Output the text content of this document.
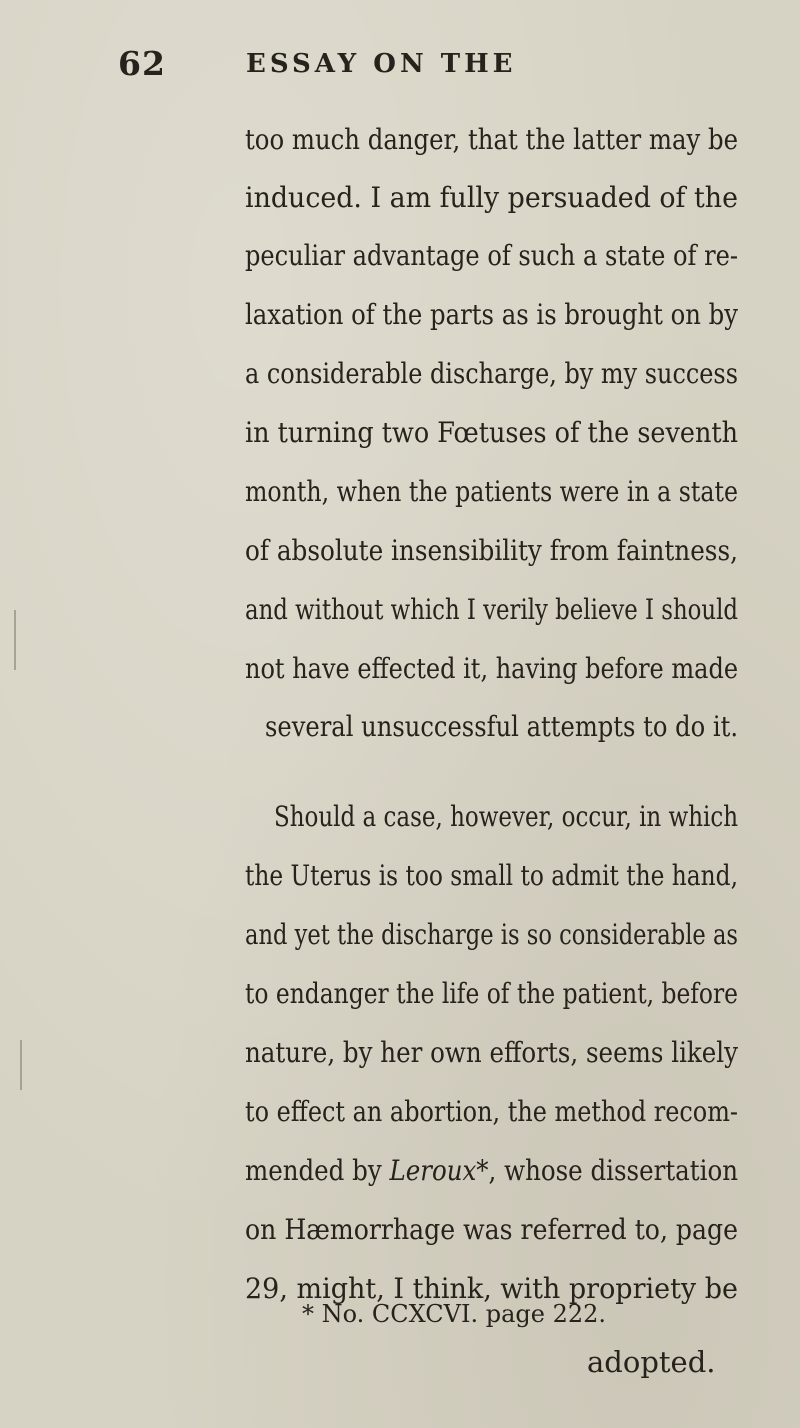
62	ESSAY ON THE
too much danger, that the latter may be
induced. I am fully persuaded of the
peculiar advantage of such a state of re-
laxation of the parts as is brought on by
a considerable discharge, by my success
in turning two Fœtuses of the seventh
month, when the patients were in a state
of absolute insensibility from faintness,
and without which I verily believe I should
not have effected it, having before made
several unsuccessful attempts to do it.
Should a case, however, occur, in which
the Uterus is too small to admit the hand,
and yet the discharge is so considerable as
to endanger the life of the patient, before
nature, by her own efforts, seems likely
to effect an abortion, the method recom-
mended by Leroux*, whose dissertation
on Hæmorrhage was referred to, page
29, might, I think, with propriety be
* No. CCXCVI. page 222.
adopted.
